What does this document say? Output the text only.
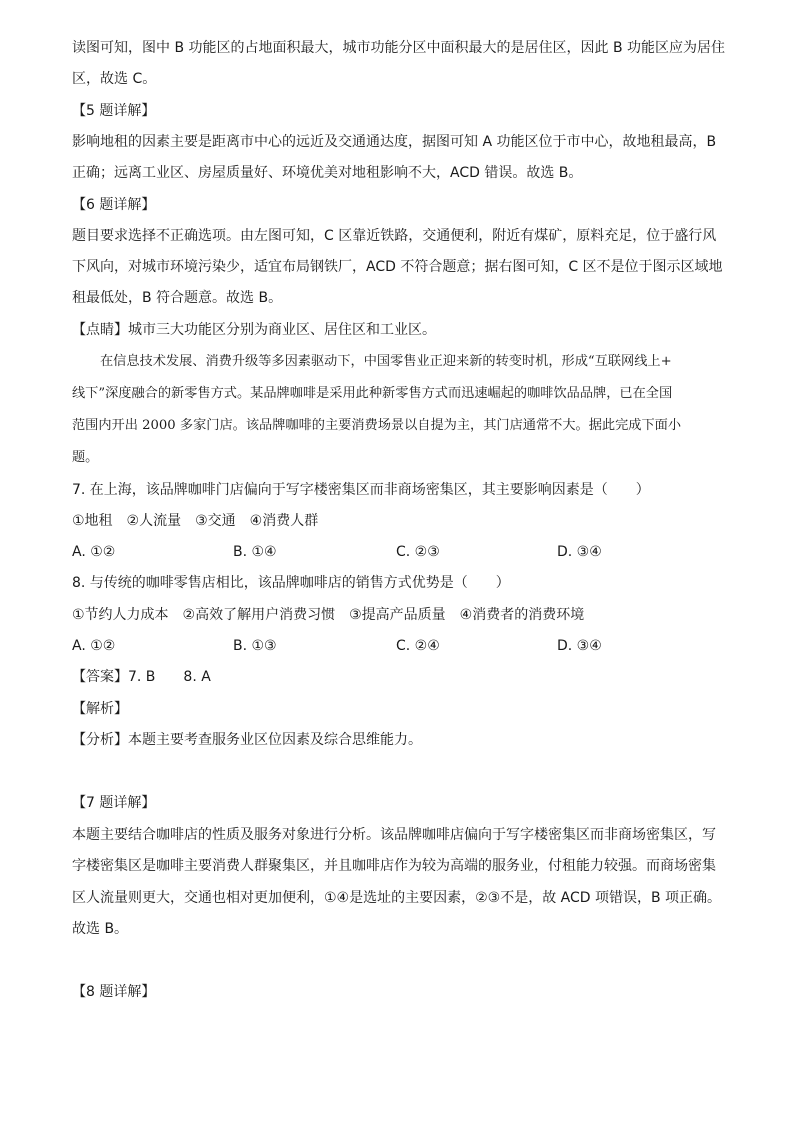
读图可知，图中 B 功能区的占地面积最大，城市功能分区中面积最大的是居住区，因此 B 功能区应为居住

区，故选 C。

【5 题详解】

影响地租的因素主要是距离市中心的远近及交通通达度，据图可知 A 功能区位于市中心，故地租最高，B

正确；远离工业区、房屋质量好、环境优美对地租影响不大，ACD 错误。故选 B。

【6 题详解】

题目要求选择不正确选项。由左图可知，C 区靠近铁路，交通便利，附近有煤矿，原料充足，位于盛行风

下风向，对城市环境污染少，适宜布局钢铁厂，ACD 不符合题意；据右图可知，C 区不是位于图示区域地

租最低处，B 符合题意。故选 B。

【点睛】城市三大功能区分别为商业区、居住区和工业区。

在信息技术发展、消费升级等多因素驱动下，中国零售业正迎来新的转变时机，形成“互联网线上+

线下”深度融合的新零售方式。某品牌咖啡是采用此种新零售方式而迅速崛起的咖啡饮品品牌，已在全国

范围内开出 2000 多家门店。该品牌咖啡的主要消费场景以自提为主，其门店通常不大。据此完成下面小

题。

7. 在上海，该品牌咖啡门店偏向于写字楼密集区而非商场密集区，其主要影响因素是（　　）

①地租　②人流量　③交通　④消费人群

A. ①②	B. ①④	C. ②③	D. ③④

8. 与传统的咖啡零售店相比，该品牌咖啡店的销售方式优势是（　　）

①节约人力成本　②高效了解用户消费习惯　③提高产品质量　④消费者的消费环境

A. ①②	B. ①③	C. ②④	D. ③④

【答案】7. B　　8. A

【解析】

【分析】本题主要考查服务业区位因素及综合思维能力。

【7 题详解】

本题主要结合咖啡店的性质及服务对象进行分析。该品牌咖啡店偏向于写字楼密集区而非商场密集区，写

字楼密集区是咖啡主要消费人群聚集区，并且咖啡店作为较为高端的服务业，付租能力较强。而商场密集

区人流量则更大，交通也相对更加便利，①④是选址的主要因素，②③不是，故 ACD 项错误，B 项正确。

故选 B。

【8 题详解】
